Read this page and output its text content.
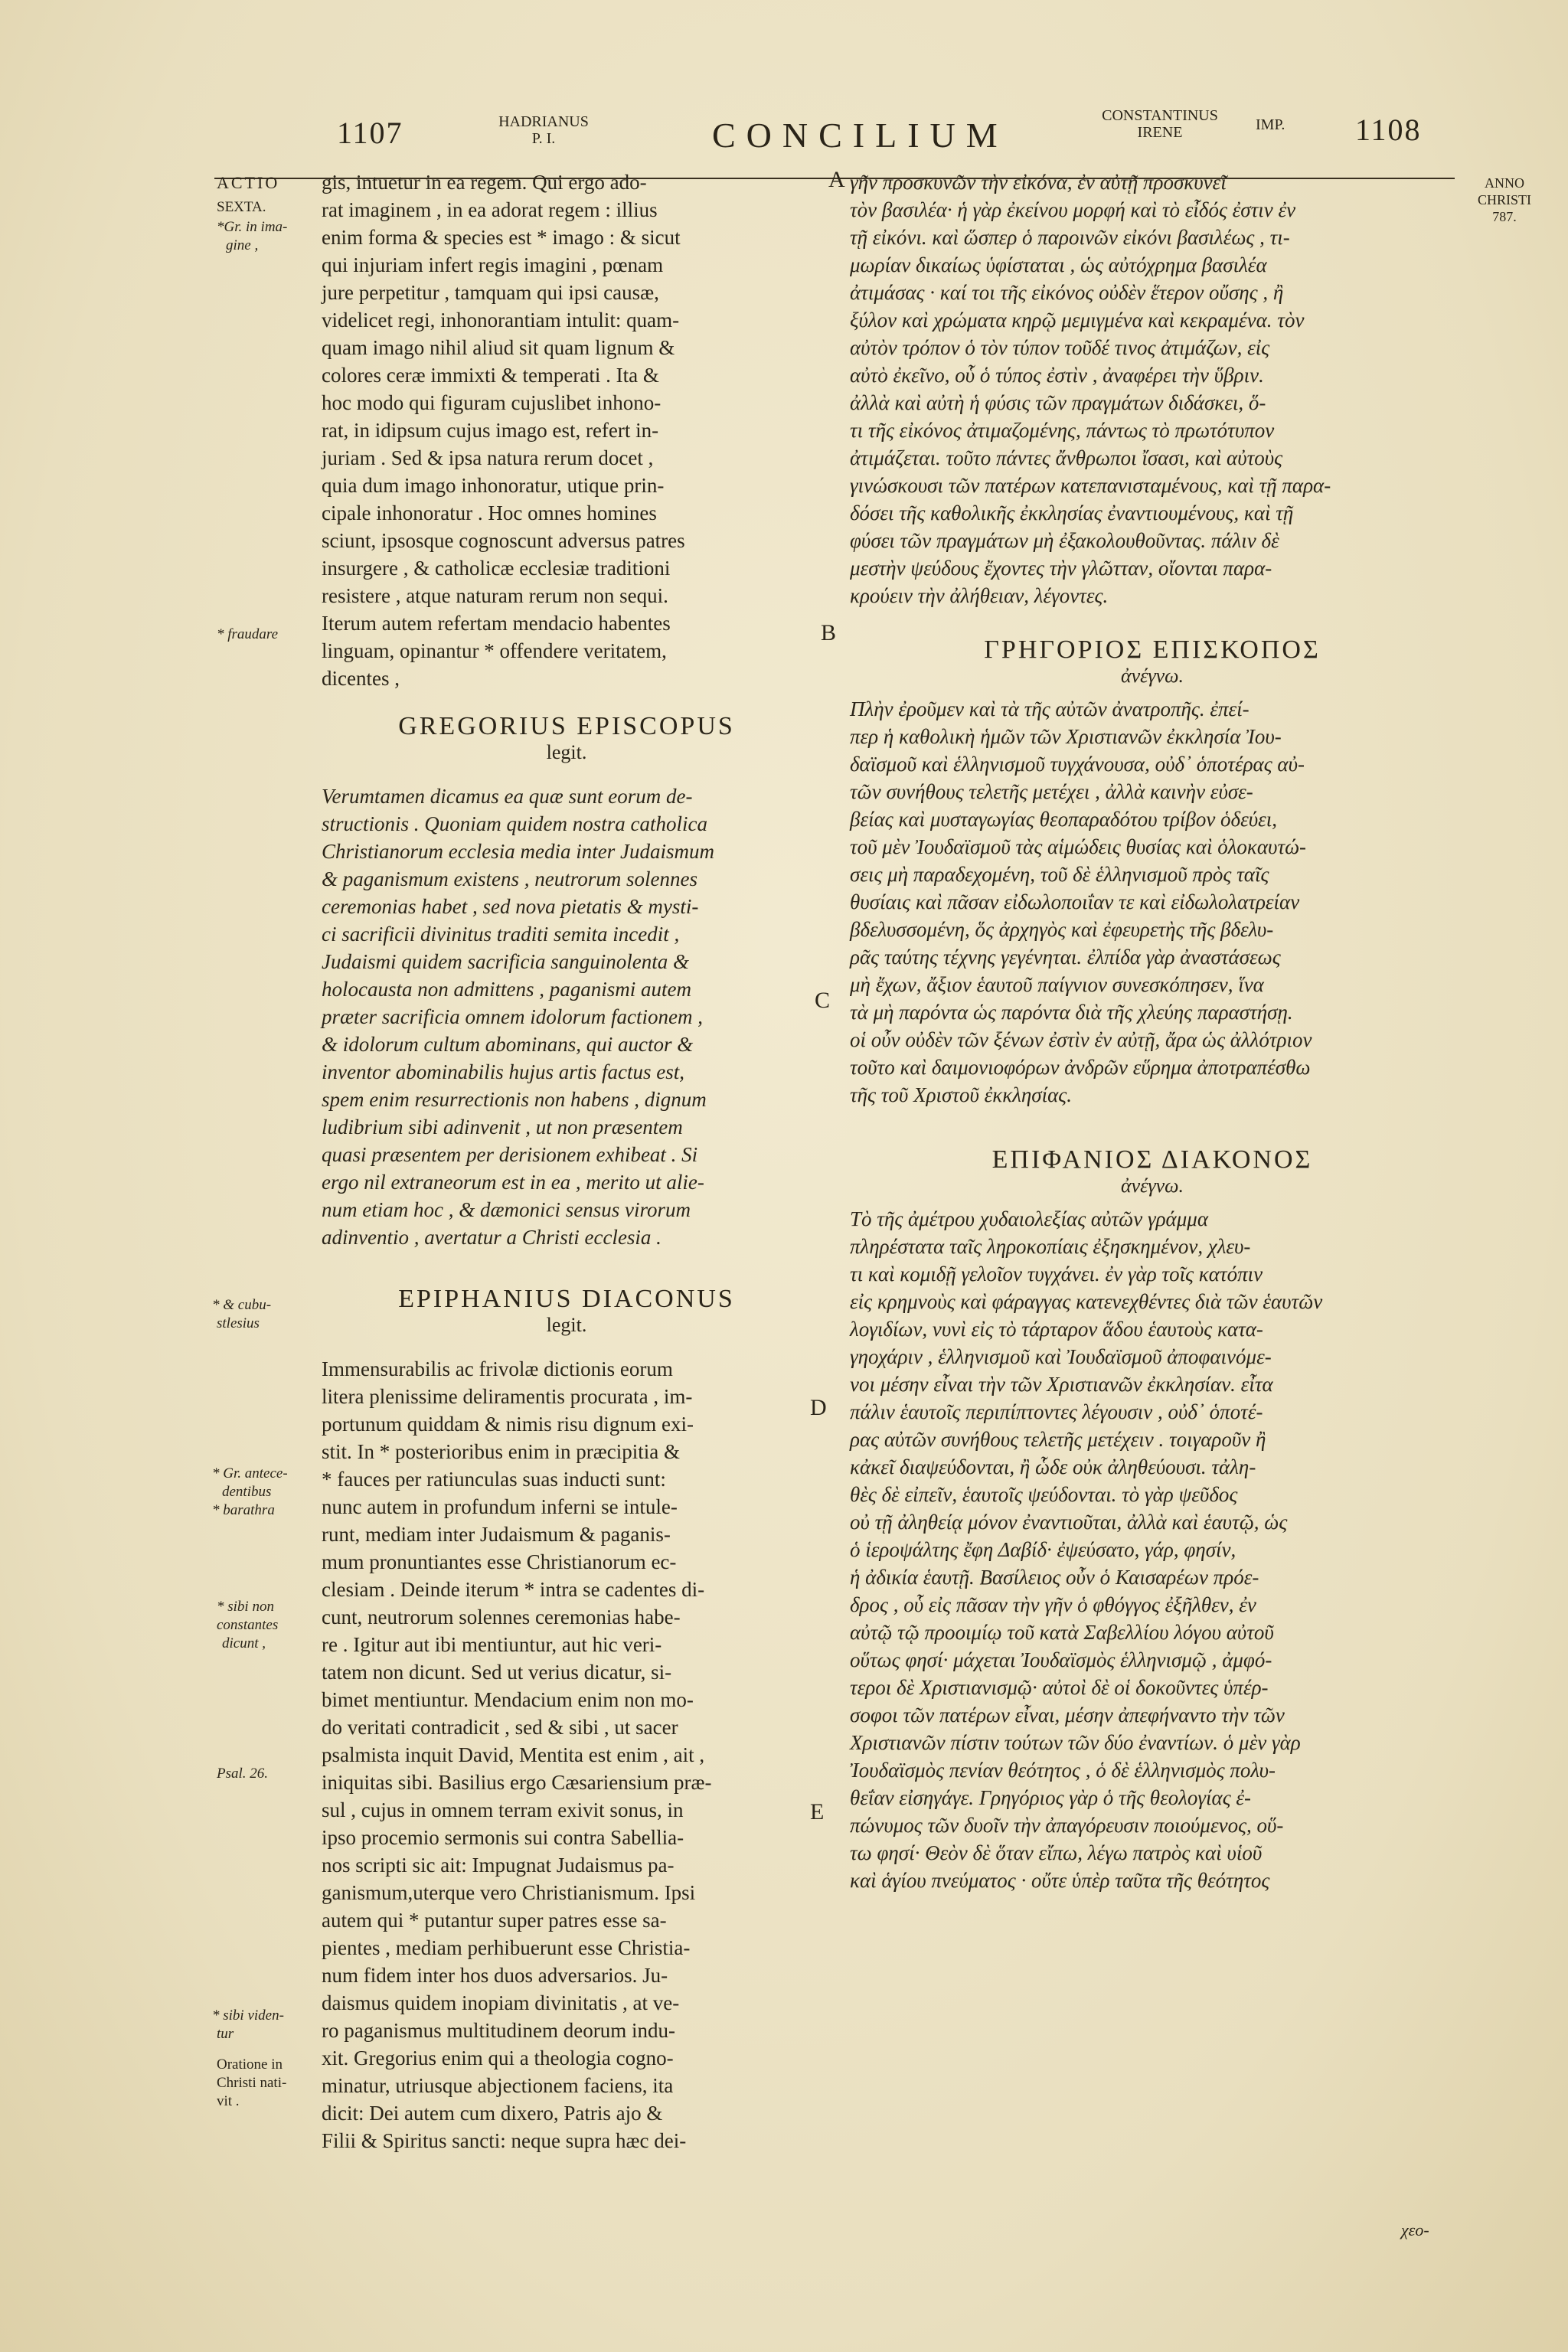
1107	HADRIANUS
P. I.	CONCILIUM	CONSTANTINUS
IRENE	IMP. 1108
ANNO
CHRISTI
787.
ACTIO
SEXTA.
*Gr. in ima-
gine ,
* fraudare
* & cubu-
stlesius
* Gr. antece-
dentibus
* barathra
* sibi non
constantes
dicunt ,
Psal. 26.
* sibi viden-
tur
Oratione in
Christi nati-
vit .
A
B
C
D
E
gis, intuetur in ea regem. Qui ergo ado-
rat imaginem , in ea adorat regem : illius
enim forma & species est * imago : & sicut
qui injuriam infert regis imagini , pœnam
jure perpetitur , tamquam qui ipsi causæ,
videlicet regi, inhonorantiam intulit: quam-
quam imago nihil aliud sit quam lignum &
colores ceræ immixti & temperati . Ita &
hoc modo qui figuram cujuslibet inhono-
rat, in idipsum cujus imago est, refert in-
juriam . Sed & ipsa natura rerum docet ,
quia dum imago inhonoratur, utique prin-
cipale inhonoratur . Hoc omnes homines
sciunt, ipsosque cognoscunt adversus patres
insurgere , & catholicæ ecclesiæ traditioni
resistere , atque naturam rerum non sequi.
Iterum autem refertam mendacio habentes
linguam, opinantur * offendere veritatem,
dicentes ,
GREGORIUS EPISCOPUS
legit.
Verumtamen dicamus ea quæ sunt eorum de-
structionis . Quoniam quidem nostra catholica
Christianorum ecclesia media inter Judaismum
& paganismum existens , neutrorum solennes
ceremonias habet , sed nova pietatis & mysti-
ci sacrificii divinitus traditi semita incedit ,
Judaismi quidem sacrificia sanguinolenta &
holocausta non admittens , paganismi autem
præter sacrificia omnem idolorum factionem ,
& idolorum cultum abominans, qui auctor &
inventor abominabilis hujus artis factus est,
spem enim resurrectionis non habens , dignum
ludibrium sibi adinvenit , ut non præsentem
quasi præsentem per derisionem exhibeat . Si
ergo nil extraneorum est in ea , merito ut alie-
num etiam hoc , & dæmonici sensus virorum
adinventio , avertatur a Christi ecclesia .
EPIPHANIUS DIACONUS
legit.
Immensurabilis ac frivolæ dictionis eorum
litera plenissime deliramentis procurata , im-
portunum quiddam & nimis risu dignum exi-
stit. In * posterioribus enim in præcipitia &
* fauces per ratiunculas suas inducti sunt:
nunc autem in profundum inferni se intule-
runt, mediam inter Judaismum & paganis-
mum pronuntiantes esse Christianorum ec-
clesiam . Deinde iterum * intra se cadentes di-
cunt, neutrorum solennes ceremonias habe-
re . Igitur aut ibi mentiuntur, aut hic veri-
tatem non dicunt. Sed ut verius dicatur, si-
bimet mentiuntur. Mendacium enim non mo-
do veritati contradicit , sed & sibi , ut sacer
psalmista inquit David, Mentita est enim , ait ,
iniquitas sibi. Basilius ergo Cæsariensium præ-
sul , cujus in omnem terram exivit sonus, in
ipso procemio sermonis sui contra Sabellia-
nos scripti sic ait: Impugnat Judaismus pa-
ganismum,uterque vero Christianismum. Ipsi
autem qui * putantur super patres esse sa-
pientes , mediam perhibuerunt esse Christia-
num fidem inter hos duos adversarios. Ju-
daismus quidem inopiam divinitatis , at ve-
ro paganismus multitudinem deorum indu-
xit. Gregorius enim qui a theologia cogno-
minatur, utriusque abjectionem faciens, ita
dicit: Dei autem cum dixero, Patris ajo &
Filii & Spiritus sancti: neque supra hæc dei-
γῆν προσκυνῶν τὴν εἰκόνα, ἐν αὐτῇ προσκυνεῖ
τὸν βασιλέα· ἡ γὰρ ἐκείνου μορφή καὶ τὸ εἶδός ἐστιν ἐν
τῇ εἰκόνι. καὶ ὥσπερ ὁ παροινῶν εἰκόνι βασιλέως , τι-
μωρίαν δικαίως ὑφίσταται , ὡς αὐτόχρημα βασιλέα
ἀτιμάσας · καί τοι τῆς εἰκόνος οὐδὲν ἕτερον οὔσης , ἢ
ξύλον καὶ χρώματα κηρῷ μεμιγμένα καὶ κεκραμένα. τὸν
αὐτὸν τρόπον ὁ τὸν τύπον τοῦδέ τινος ἀτιμάζων, εἰς
αὐτὸ ἐκεῖνο, οὗ ὁ τύπος ἐστὶν , ἀναφέρει τὴν ὕβριν.
ἀλλὰ καὶ αὐτὴ ἡ φύσις τῶν πραγμάτων διδάσκει, ὅ-
τι τῆς εἰκόνος ἀτιμαζομένης, πάντως τὸ πρωτότυπον
ἀτιμάζεται. τοῦτο πάντες ἄνθρωποι ἴσασι, καὶ αὐτοὺς
γινώσκουσι τῶν πατέρων κατεπανισταμένους, καὶ τῇ παρα-
δόσει τῆς καθολικῆς ἐκκλησίας ἐναντιουμένους, καὶ τῇ
φύσει τῶν πραγμάτων μὴ ἐξακολουθοῦντας. πάλιν δὲ
μεστὴν ψεύδους ἔχοντες τὴν γλῶτταν, οἴονται παρα-
κρούειν τὴν ἀλήθειαν, λέγοντες.
ΓΡΗΓΟΡΙΟΣ ΕΠΙΣΚΟΠΟΣ
ἀνέγνω.
Πλὴν ἐροῦμεν καὶ τὰ τῆς αὐτῶν ἀνατροπῆς. ἐπεί-
περ ἡ καθολικὴ ἡμῶν τῶν Χριστιανῶν ἐκκλησία Ἰου-
δαϊσμοῦ καὶ ἑλληνισμοῦ τυγχάνουσα, οὐδ᾽ ὁποτέρας αὐ-
τῶν συνήθους τελετῆς μετέχει , ἀλλὰ καινὴν εὐσε-
βείας καὶ μυσταγωγίας θεοπαραδότου τρίβον ὁδεύει,
τοῦ μὲν Ἰουδαϊσμοῦ τὰς αἱμώδεις θυσίας καὶ ὁλοκαυτώ-
σεις μὴ παραδεχομένη, τοῦ δὲ ἑλληνισμοῦ πρὸς ταῖς
θυσίαις καὶ πᾶσαν εἰδωλοποιΐαν τε καὶ εἰδωλολατρείαν
βδελυσσομένη, ὅς ἀρχηγὸς καὶ ἐφευρετὴς τῆς βδελυ-
ρᾶς ταύτης τέχνης γεγένηται. ἐλπίδα γὰρ ἀναστάσεως
μὴ ἔχων, ἄξιον ἑαυτοῦ παίγνιον συνεσκόπησεν, ἵνα
τὰ μὴ παρόντα ὡς παρόντα διὰ τῆς χλεύης παραστήσῃ.
οἱ οὖν οὐδὲν τῶν ξένων ἐστὶν ἐν αὐτῇ, ἄρα ὡς ἀλλότριον
τοῦτο καὶ δαιμονιοφόρων ἀνδρῶν εὕρημα ἀποτραπέσθω
τῆς τοῦ Χριστοῦ ἐκκλησίας.
ΕΠΙΦΑΝΙΟΣ ΔΙΑΚΟΝΟΣ
ἀνέγνω.
Τὸ τῆς ἀμέτρου χυδαιολεξίας αὐτῶν γράμμα
πληρέστατα ταῖς ληροκοπίαις ἐξησκημένον, χλευ-
τι καὶ κομιδῇ γελοῖον τυγχάνει. ἐν γὰρ τοῖς κατόπιν
εἰς κρημνοὺς καὶ φάραγγας κατενεχθέντες διὰ τῶν ἑαυτῶν
λογιδίων, νυνὶ εἰς τὸ τάρταρον ἅδου ἑαυτοὺς κατα-
γηοχάριν , ἑλληνισμοῦ καὶ Ἰουδαϊσμοῦ ἀποφαινόμε-
νοι μέσην εἶναι τὴν τῶν Χριστιανῶν ἐκκλησίαν. εἶτα
πάλιν ἑαυτοῖς περιπίπτοντες λέγουσιν , οὐδ᾽ ὁποτέ-
ρας αὐτῶν συνήθους τελετῆς μετέχειν . τοιγαροῦν ἢ
κἀκεῖ διαψεύδονται, ἢ ὧδε οὐκ ἀληθεύουσι. τἀλη-
θὲς δὲ εἰπεῖν, ἑαυτοῖς ψεύδονται. τὸ γὰρ ψεῦδος
οὐ τῇ ἀληθείᾳ μόνον ἐναντιοῦται, ἀλλὰ καὶ ἑαυτῷ, ὡς
ὁ ἱεροψάλτης ἔφη Δαβίδ· ἐψεύσατο, γάρ, φησίν,
ἡ ἀδικία ἑαυτῇ. Βασίλειος οὖν ὁ Καισαρέων πρόε-
δρος , οὗ εἰς πᾶσαν τὴν γῆν ὁ φθόγγος ἐξῆλθεν, ἐν
αὐτῷ τῷ προοιμίῳ τοῦ κατὰ Σαβελλίου λόγου αὐτοῦ
οὕτως φησί· μάχεται Ἰουδαϊσμὸς ἑλληνισμῷ , ἀμφό-
τεροι δὲ Χριστιανισμῷ· αὐτοὶ δὲ οἱ δοκοῦντες ὑπέρ-
σοφοι τῶν πατέρων εἶναι, μέσην ἀπεφήναντο τὴν τῶν
Χριστιανῶν πίστιν τούτων τῶν δύο ἐναντίων. ὁ μὲν γὰρ
Ἰουδαϊσμὸς πενίαν θεότητος , ὁ δὲ ἑλληνισμὸς πολυ-
θεΐαν εἰσηγάγε. Γρηγόριος γὰρ ὁ τῆς θεολογίας ἐ-
πώνυμος τῶν δυοῖν τὴν ἀπαγόρευσιν ποιούμενος, οὕ-
τω φησί· Θεὸν δὲ ὅταν εἴπω, λέγω πατρὸς καὶ υἱοῦ
καὶ ἁγίου πνεύματος · οὔτε ὑπὲρ ταῦτα τῆς θεότητος
χεο-
